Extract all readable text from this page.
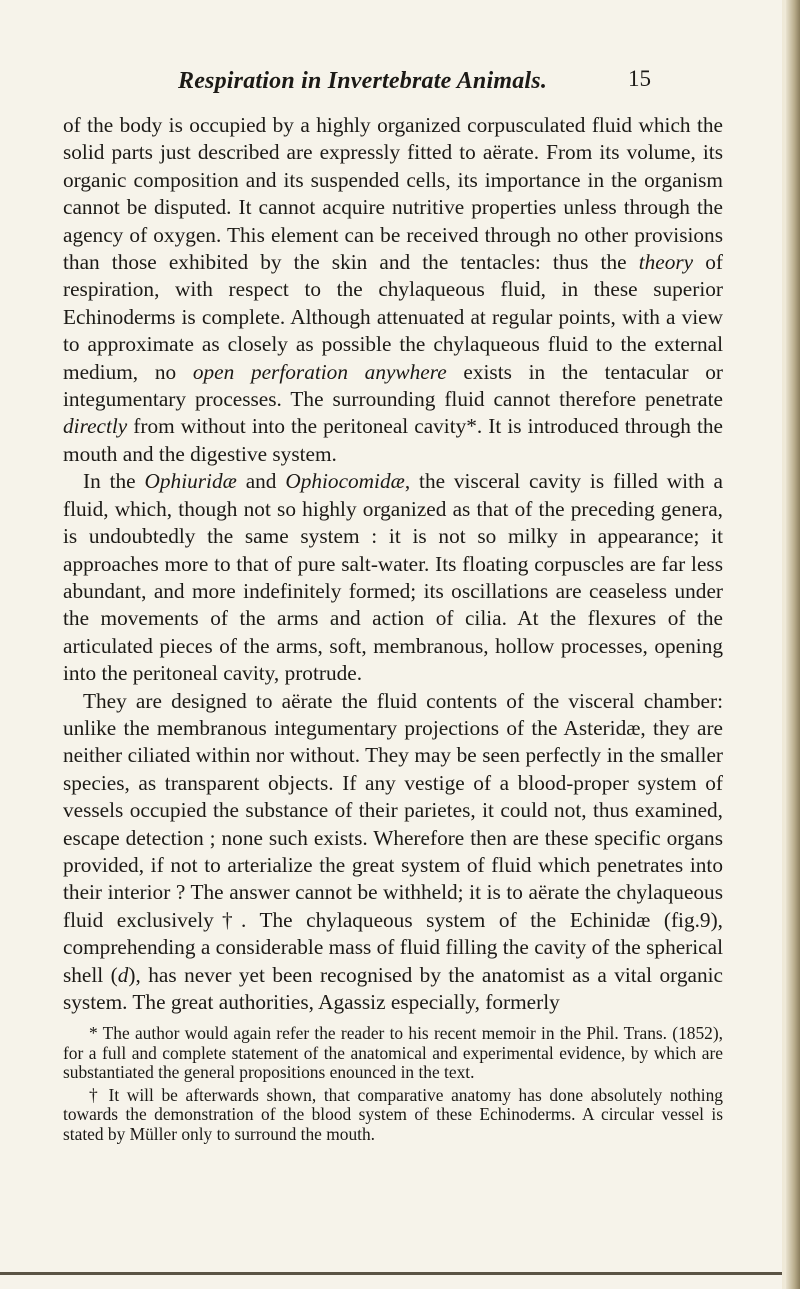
Respiration in Invertebrate Animals.	15

of the body is occupied by a highly organized corpusculated fluid which the solid parts just described are expressly fitted to aërate. From its volume, its organic composition and its suspended cells, its importance in the organism cannot be disputed. It cannot acquire nutritive properties unless through the agency of oxygen. This element can be received through no other provisions than those exhibited by the skin and the tentacles: thus the theory of respiration, with respect to the chylaqueous fluid, in these superior Echinoderms is complete. Although attenuated at regular points, with a view to approximate as closely as possible the chylaqueous fluid to the external medium, no open perforation anywhere exists in the tentacular or integumentary processes. The surrounding fluid cannot therefore penetrate directly from without into the peritoneal cavity*. It is introduced through the mouth and the digestive system.

In the Ophiuridæ and Ophiocomidæ, the visceral cavity is filled with a fluid, which, though not so highly organized as that of the preceding genera, is undoubtedly the same system : it is not so milky in appearance; it approaches more to that of pure salt-water. Its floating corpuscles are far less abundant, and more indefinitely formed; its oscillations are ceaseless under the movements of the arms and action of cilia. At the flexures of the articulated pieces of the arms, soft, membranous, hollow processes, opening into the peritoneal cavity, protrude.

They are designed to aërate the fluid contents of the visceral chamber: unlike the membranous integumentary projections of the Asteridæ, they are neither ciliated within nor without. They may be seen perfectly in the smaller species, as transparent objects. If any vestige of a blood-proper system of vessels occupied the substance of their parietes, it could not, thus examined, escape detection ; none such exists. Wherefore then are these specific organs provided, if not to arterialize the great system of fluid which penetrates into their interior ? The answer cannot be withheld; it is to aërate the chylaqueous fluid exclusively†. The chylaqueous system of the Echinidæ (fig.9), comprehending a considerable mass of fluid filling the cavity of the spherical shell (d), has never yet been recognised by the anatomist as a vital organic system. The great authorities, Agassiz especially, formerly

* The author would again refer the reader to his recent memoir in the Phil. Trans. (1852), for a full and complete statement of the anatomical and experimental evidence, by which are substantiated the general propositions enounced in the text.

† It will be afterwards shown, that comparative anatomy has done absolutely nothing towards the demonstration of the blood system of these Echinoderms. A circular vessel is stated by Müller only to surround the mouth.
